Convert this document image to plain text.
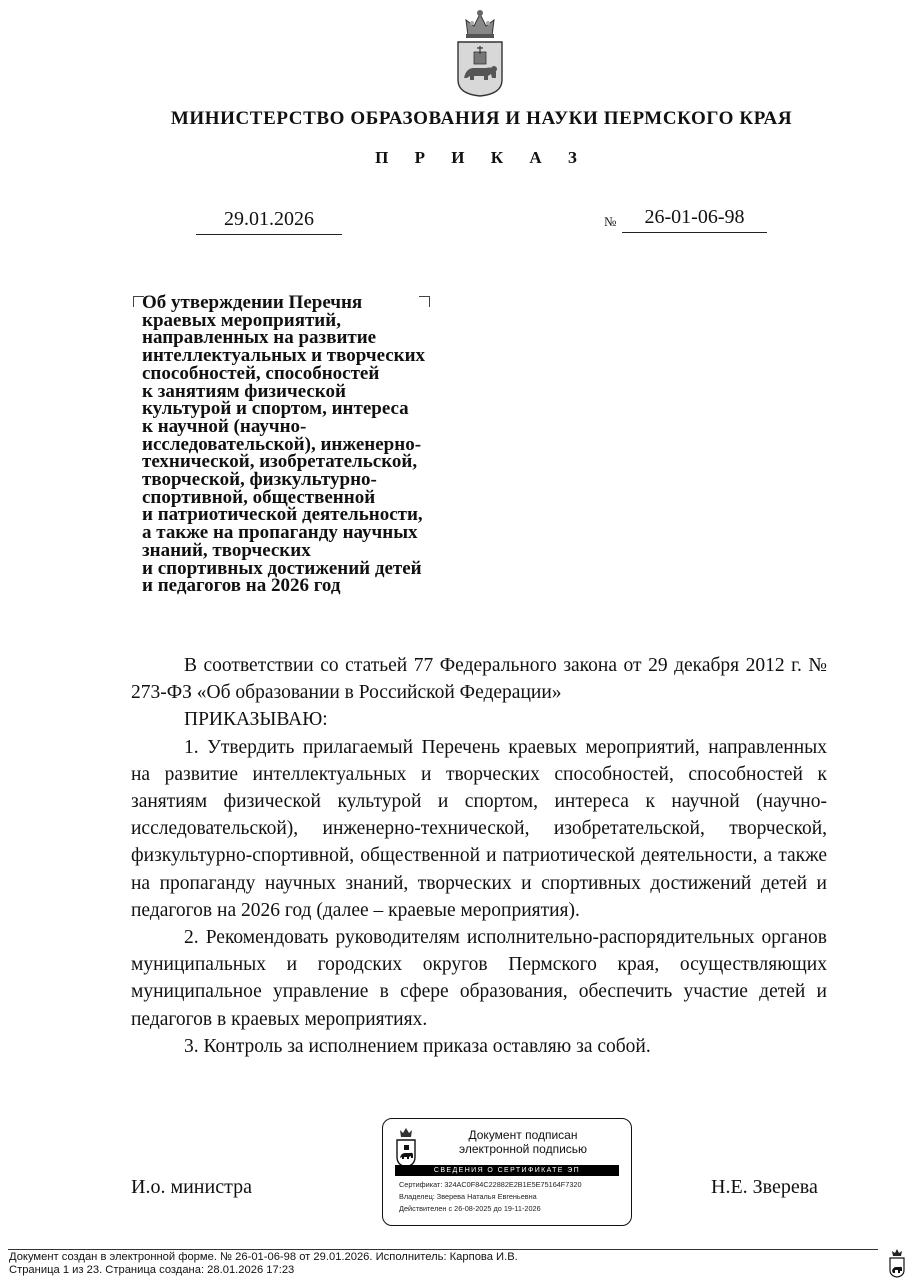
МИНИСТЕРСТВО ОБРАЗОВАНИЯ И НАУКИ ПЕРМСКОГО КРАЯ
П Р И К А З
29.01.2026	№	26-01-06-98
Об утверждении Перечня
краевых мероприятий,
направленных на развитие
интеллектуальных и творческих
способностей, способностей
к занятиям физической
культурой и спортом, интереса
к научной (научно-
исследовательской), инженерно-
технической, изобретательской,
творческой, физкультурно-
спортивной, общественной
и патриотической деятельности,
а также на пропаганду научных
знаний, творческих
и спортивных достижений детей
и педагогов на 2026 год

В соответствии со статьей 77 Федерального закона от 29 декабря 2012 г. № 273-ФЗ «Об образовании в Российской Федерации»

ПРИКАЗЫВАЮ:

1. Утвердить прилагаемый Перечень краевых мероприятий, направленных на развитие интеллектуальных и творческих способностей, способностей к занятиям физической культурой и спортом, интереса к научной (научно-исследовательской), инженерно-технической, изобретательской, творческой, физкультурно-спортивной, общественной и патриотической деятельности, а также на пропаганду научных знаний, творческих и спортивных достижений детей и педагогов на 2026 год (далее – краевые мероприятия).

2. Рекомендовать руководителям исполнительно-распорядительных органов муниципальных и городских округов Пермского края, осуществляющих муниципальное управление в сфере образования, обеспечить участие детей и педагогов в краевых мероприятиях.

3. Контроль за исполнением приказа оставляю за собой.

И.о. министра
Документ подписан
электронной подписью
СВЕДЕНИЯ О СЕРТИФИКАТЕ ЭП
Сертификат: 324AC0F84C22882E2B1E5E75164F7320
Владелец: Зверева Наталья Евгеньевна
Действителен с 26-08-2025 до 19-11-2026
Н.Е. Зверева
Документ создан в электронной форме. № 26-01-06-98 от 29.01.2026. Исполнитель: Карпова И.В.
Страница 1 из 23. Страница создана: 28.01.2026 17:23
